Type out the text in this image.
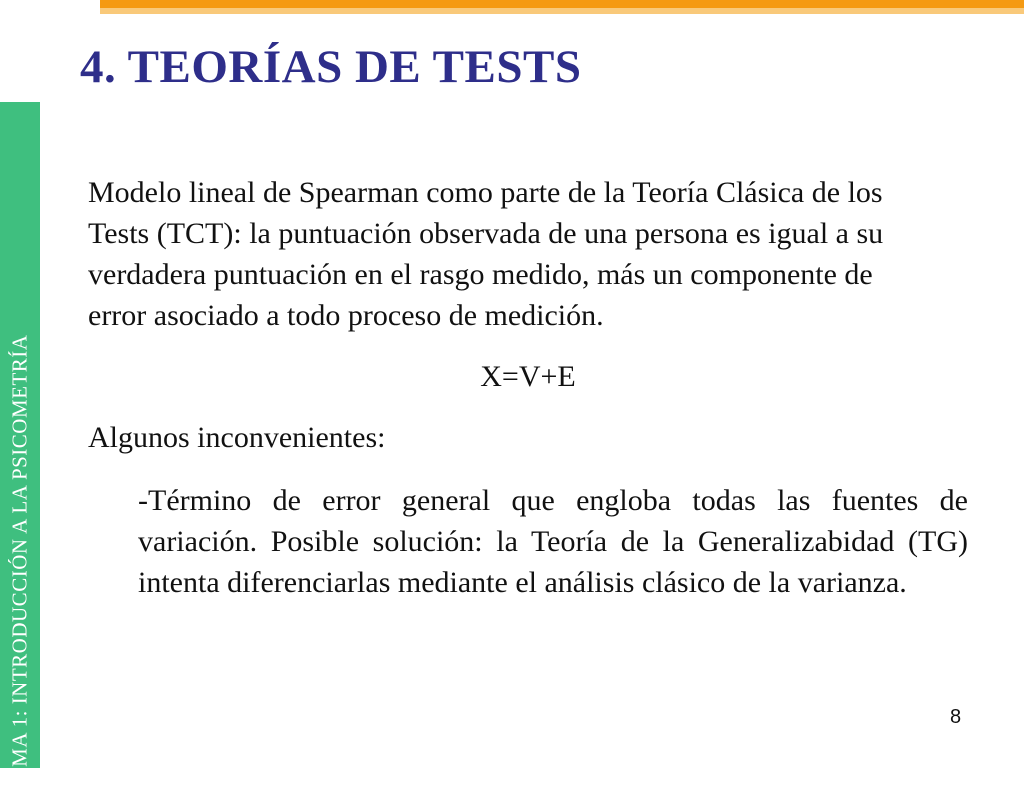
TEMA 1: INTRODUCCIÓN A LA PSICOMETRÍA
4. TEORÍAS DE TESTS

Modelo lineal de Spearman como parte de la Teoría Clásica de los Tests (TCT): la puntuación observada de una persona es igual a su verdadera puntuación en el rasgo medido, más un componente de error asociado a todo proceso de medición.

X=V+E

Algunos inconvenientes:

-Término de error general que engloba todas las fuentes de variación. Posible solución: la Teoría de la Generalizabidad (TG) intenta diferenciarlas mediante el análisis clásico de la varianza.

8
